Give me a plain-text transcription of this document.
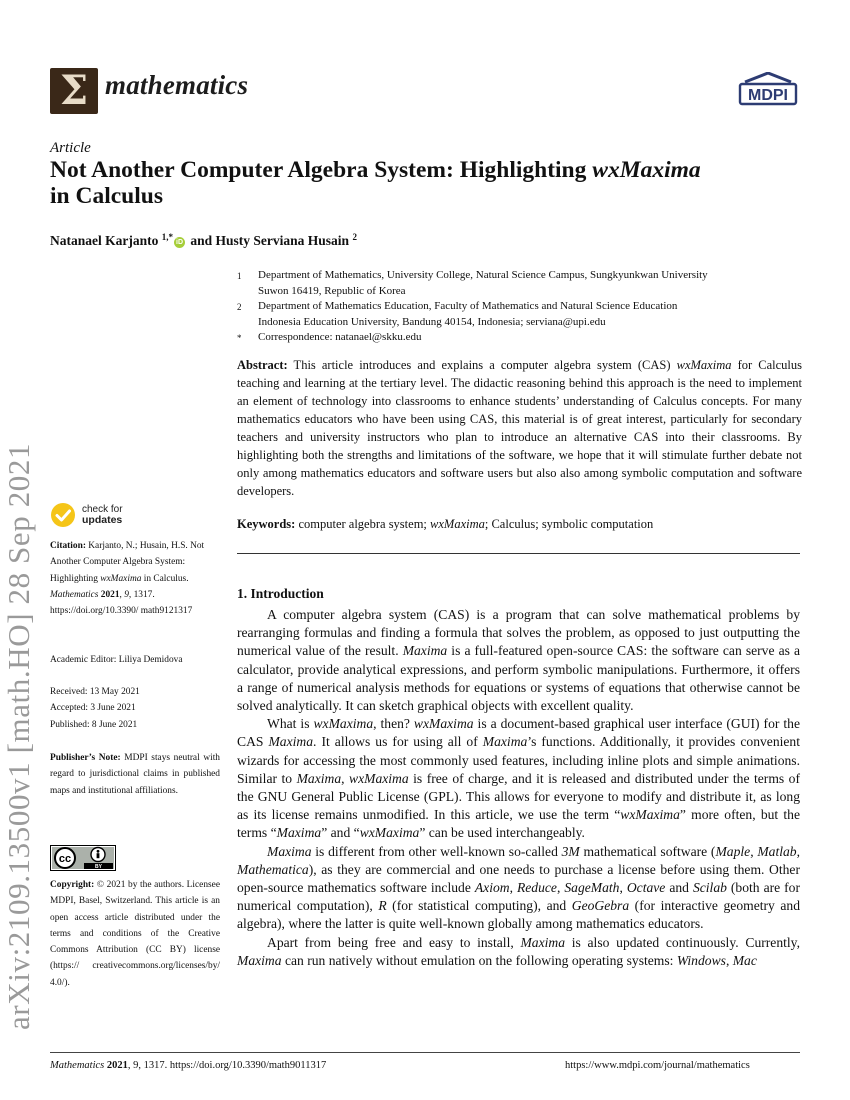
Σ mathematics	MDPI
Article
Not Another Computer Algebra System: Highlighting wxMaxima
in Calculus
Natanael Karjanto $^{1,*}$iD and Husty Serviana Husain $^2$
1	Department of Mathematics, University College, Natural Science Campus, Sungkyunkwan University
Suwon 16419, Republic of Korea
2	Department of Mathematics Education, Faculty of Mathematics and Natural Science Education
Indonesia Education University, Bandung 40154, Indonesia; serviana@upi.edu
*	Correspondence: natanael@skku.edu
Abstract: This article introduces and explains a computer algebra system (CAS) wxMaxima for Calculus teaching and learning at the tertiary level. The didactic reasoning behind this approach is the need to implement an element of technology into classrooms to enhance students’ understanding of Calculus concepts. For many mathematics educators who have been using CAS, this material is of great interest, particularly for secondary teachers and university instructors who plan to introduce an alternative CAS into their classrooms. By highlighting both the strengths and limitations of the software, we hope that it will stimulate further debate not only among mathematics educators and software users but also also among symbolic computation and software developers.
Keywords: computer algebra system; wxMaxima; Calculus; symbolic computation
1. Introduction

A computer algebra system (CAS) is a program that can solve mathematical problems by rearranging formulas and finding a formula that solves the problem, as opposed to just outputting the numerical value of the result. Maxima is a full-featured open-source CAS: the software can serve as a calculator, provide analytical expressions, and perform symbolic manipulations. Furthermore, it offers a range of numerical analysis methods for equations or systems of equations that otherwise cannot be solved analytically. It can sketch graphical objects with excellent quality.

What is wxMaxima, then? wxMaxima is a document-based graphical user interface (GUI) for the CAS Maxima. It allows us for using all of Maxima’s functions. Additionally, it provides convenient wizards for accessing the most commonly used features, including inline plots and simple animations. Similar to Maxima, wxMaxima is free of charge, and it is released and distributed under the terms of the GNU General Public License (GPL). This allows for everyone to modify and distribute it, as long as its license remains unmodified. In this article, we use the term “wxMaxima” more often, but the terms “Maxima” and “wxMaxima” can be used interchangeably.

Maxima is different from other well-known so-called 3M mathematical software (Maple, Matlab, Mathematica), as they are commercial and one needs to purchase a license before using them. Other open-source mathematics software include Axiom, Reduce, SageMath, Octave and Scilab (both are for numerical computation), R (for statistical computing), and GeoGebra (for interactive geometry and algebra), where the latter is quite well-known globally among mathematics educators.

Apart from being free and easy to install, Maxima is also updated continuously. Currently, Maxima can run natively without emulation on the following operating systems: Windows, Mac

check for
updates
Citation: Karjanto, N.; Husain, H.S. Not Another Computer Algebra System: Highlighting wxMaxima in Calculus. Mathematics 2021, 9, 1317. https://doi.org/10.3390/ math9121317
Academic Editor: Liliya Demidova
Received: 13 May 2021
Accepted: 3 June 2021
Published: 8 June 2021
Publisher’s Note: MDPI stays neutral with regard to jurisdictional claims in published maps and institutional affiliations.
cc
BY
Copyright: © 2021 by the authors. Licensee MDPI, Basel, Switzerland. This article is an open access article distributed under the terms and conditions of the Creative Commons Attribution (CC BY) license (https:// creativecommons.org/licenses/by/ 4.0/).
arXiv:2109.13500v1 [math.HO] 28 Sep 2021
Mathematics 2021, 9, 1317. https://doi.org/10.3390/math9011317	https://www.mdpi.com/journal/mathematics
